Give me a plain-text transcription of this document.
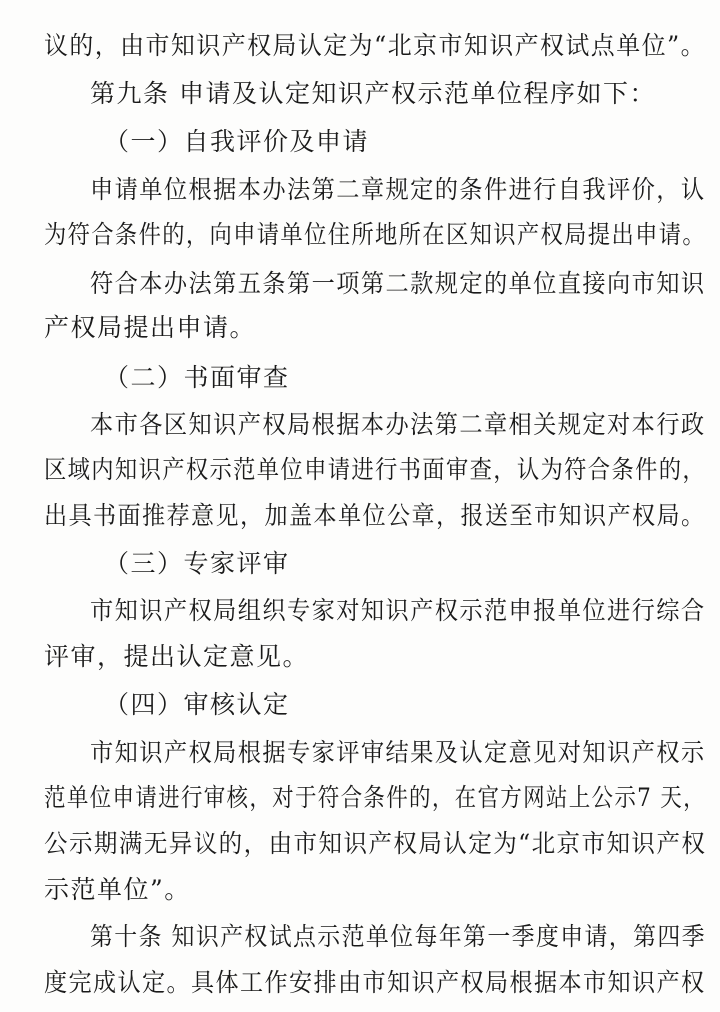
议的，由市知识产权局认定为“北京市知识产权试点单位”。
第九条 申请及认定知识产权示范单位程序如下：
（一）自我评价及申请
申请单位根据本办法第二章规定的条件进行自我评价，认
为符合条件的，向申请单位住所地所在区知识产权局提出申请。
符合本办法第五条第一项第二款规定的单位直接向市知识
产权局提出申请。
（二）书面审查
本市各区知识产权局根据本办法第二章相关规定对本行政
区域内知识产权示范单位申请进行书面审查，认为符合条件的，
出具书面推荐意见，加盖本单位公章，报送至市知识产权局。
（三）专家评审
市知识产权局组织专家对知识产权示范申报单位进行综合
评审，提出认定意见。
（四）审核认定
市知识产权局根据专家评审结果及认定意见对知识产权示
范单位申请进行审核，对于符合条件的，在官方网站上公示7 天，
公示期满无异议的，由市知识产权局认定为“北京市知识产权
示范单位”。
第十条 知识产权试点示范单位每年第一季度申请，第四季
度完成认定。具体工作安排由市知识产权局根据本市知识产权
